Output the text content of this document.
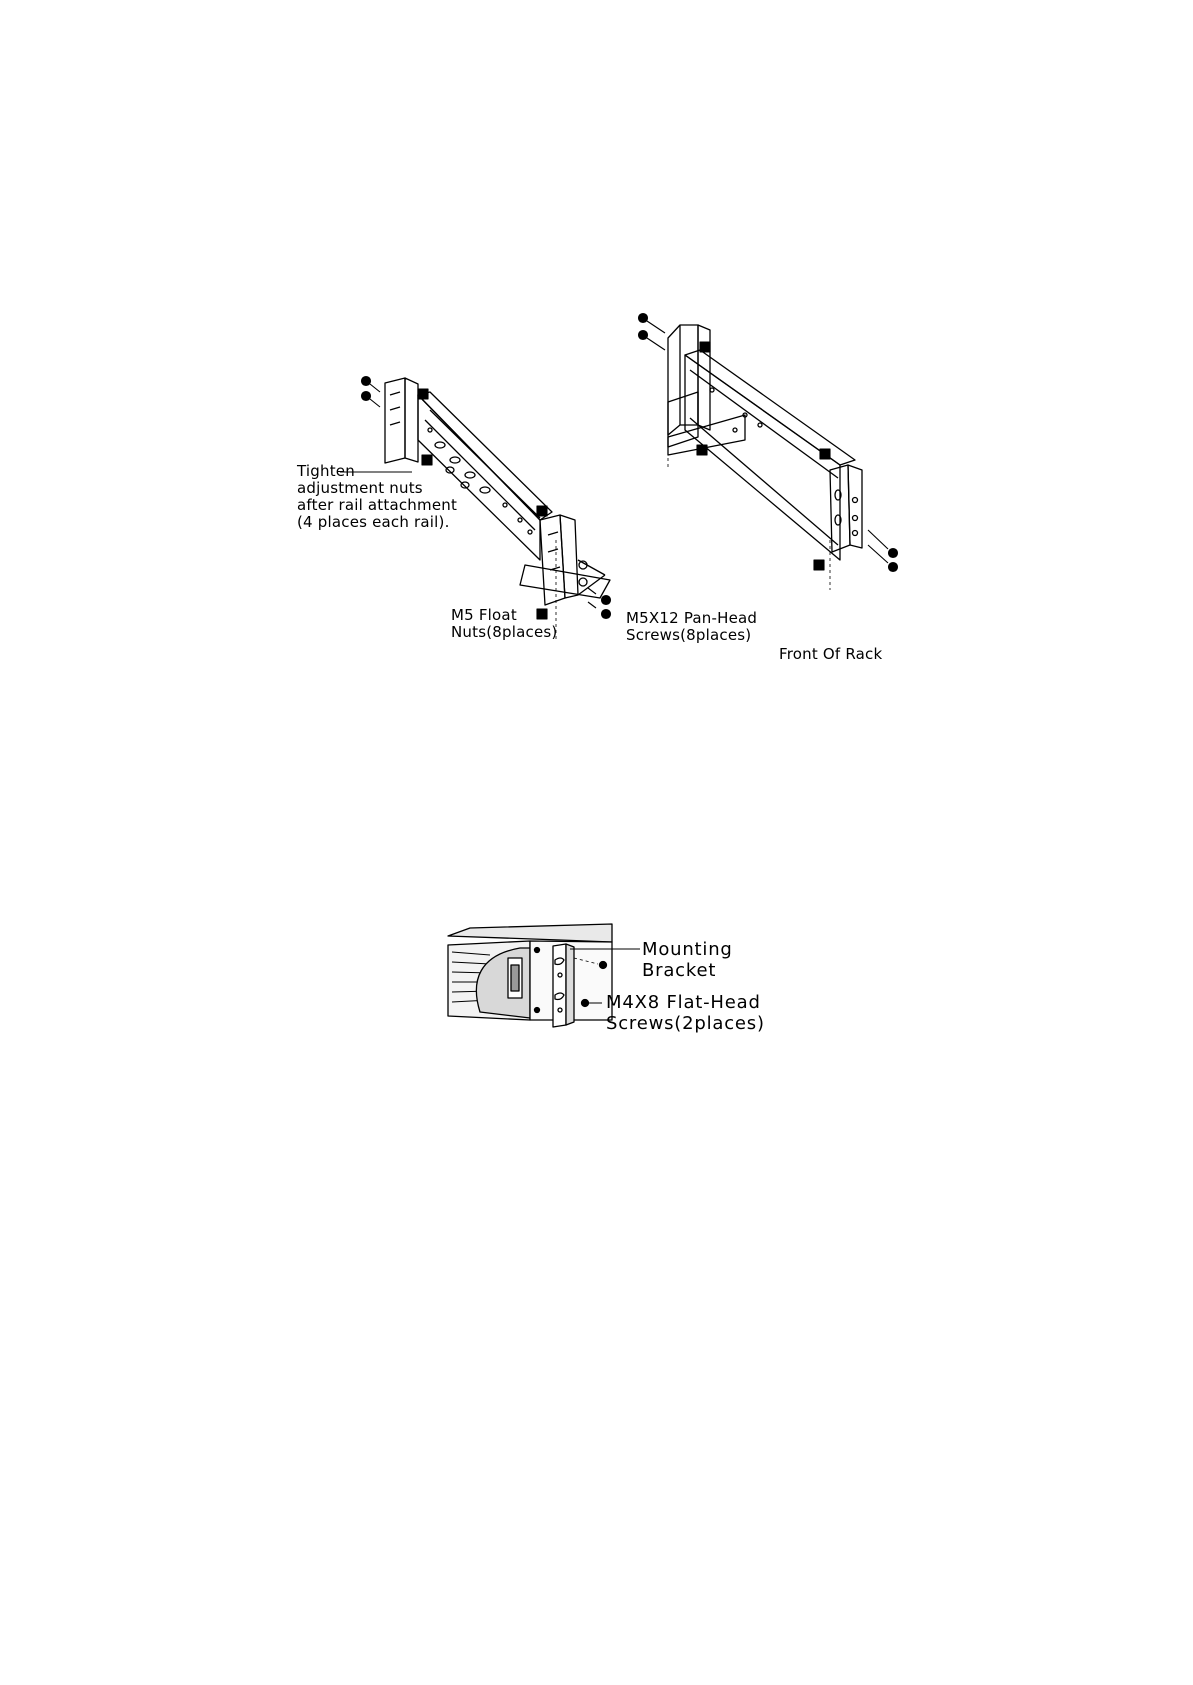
Tighten
adjustment nuts
after rail attachment
(4 places each rail).
M5 Float
Nuts(8places)
M5X12 Pan-Head
Screws(8places)
Front Of Rack
Mounting
Bracket
M4X8 Flat-Head
Screws(2places)
